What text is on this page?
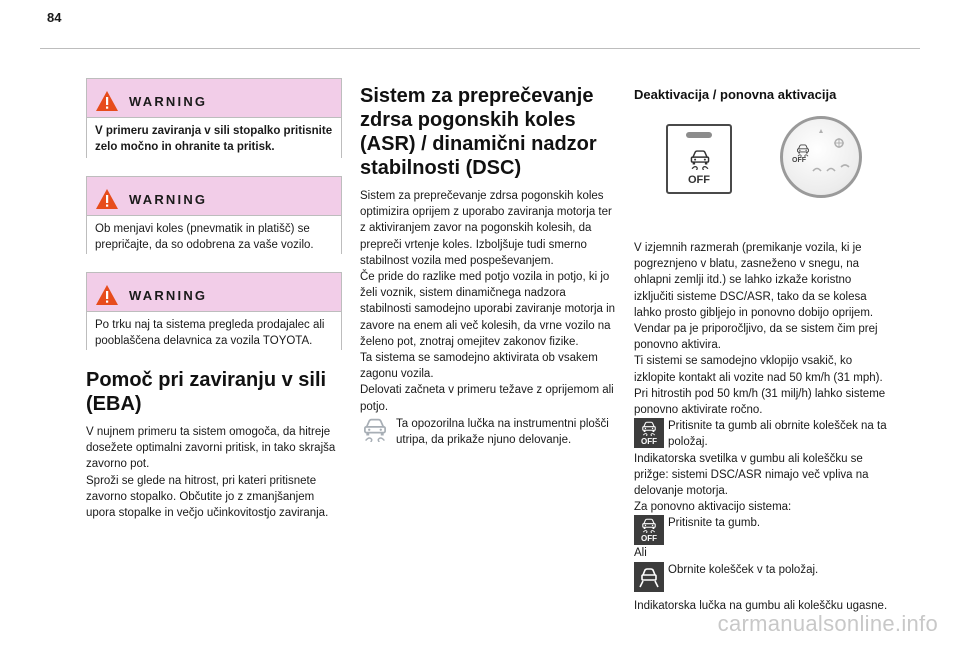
84
WARNING
V primeru zaviranja v sili stopalko pritisnite zelo močno in ohranite ta pritisk.
WARNING
Ob menjavi koles (pnevmatik in platišč) se prepričajte, da so odobrena za vaše vozilo.
WARNING
Po trku naj ta sistema pregleda prodajalec ali pooblaščena delavnica za vozila TOYOTA.
Pomoč pri zaviranju v sili (EBA)
V nujnem primeru ta sistem omogoča, da hitreje dosežete optimalni zavorni pritisk, in tako skrajša zavorno pot.
Sproži se glede na hitrost, pri kateri pritisnete zavorno stopalko. Občutite jo z zmanjšanjem upora stopalke in večjo učinkovitostjo zaviranja.
Sistem za preprečevanje zdrsa pogonskih koles (ASR) / dinamični nadzor stabilnosti (DSC)
Sistem za preprečevanje zdrsa pogonskih koles optimizira oprijem z uporabo zaviranja motorja ter z aktiviranjem zavor na pogonskih kolesih, da prepreči vrtenje koles. Izboljšuje tudi smerno stabilnost vozila med pospeševanjem.
Če pride do razlike med potjo vozila in potjo, ki jo želi voznik, sistem dinamičnega nadzora stabilnosti samodejno uporabi zaviranje motorja in zavore na enem ali več kolesih, da vrne vozilo na želeno pot, znotraj omejitev zakonov fizike.
Ta sistema se samodejno aktivirata ob vsakem zagonu vozila.
Delovati začneta v primeru težave z oprijemom ali potjo.
Ta opozorilna lučka na instrumentni plošči utripa, da prikaže njuno delovanje.
Deaktivacija / ponovna aktivacija
OFF
OFF
V izjemnih razmerah (premikanje vozila, ki je pogreznjeno v blatu, zasneženo v snegu, na ohlapni zemlji itd.) se lahko izkaže koristno izključiti sisteme DSC/ASR, tako da se kolesa lahko prosto gibljejo in ponovno dobijo oprijem.
Vendar pa je priporočljivo, da se sistem čim prej ponovno aktivira.
Ti sistemi se samodejno vklopijo vsakič, ko izklopite kontakt ali vozite nad 50 km/h (31 mph).
Pri hitrostih pod 50 km/h (31 milj/h) lahko sisteme ponovno aktivirate ročno.
OFF
Pritisnite ta gumb ali obrnite kolešček na ta položaj.
Indikatorska svetilka v gumbu ali koleščku se prižge: sistemi DSC/ASR nimajo več vpliva na delovanje motorja.
Za ponovno aktivacijo sistema:
OFF
Pritisnite ta gumb.
Ali
Obrnite kolešček v ta položaj.
Indikatorska lučka na gumbu ali koleščku ugasne.
carmanualsonline.info
